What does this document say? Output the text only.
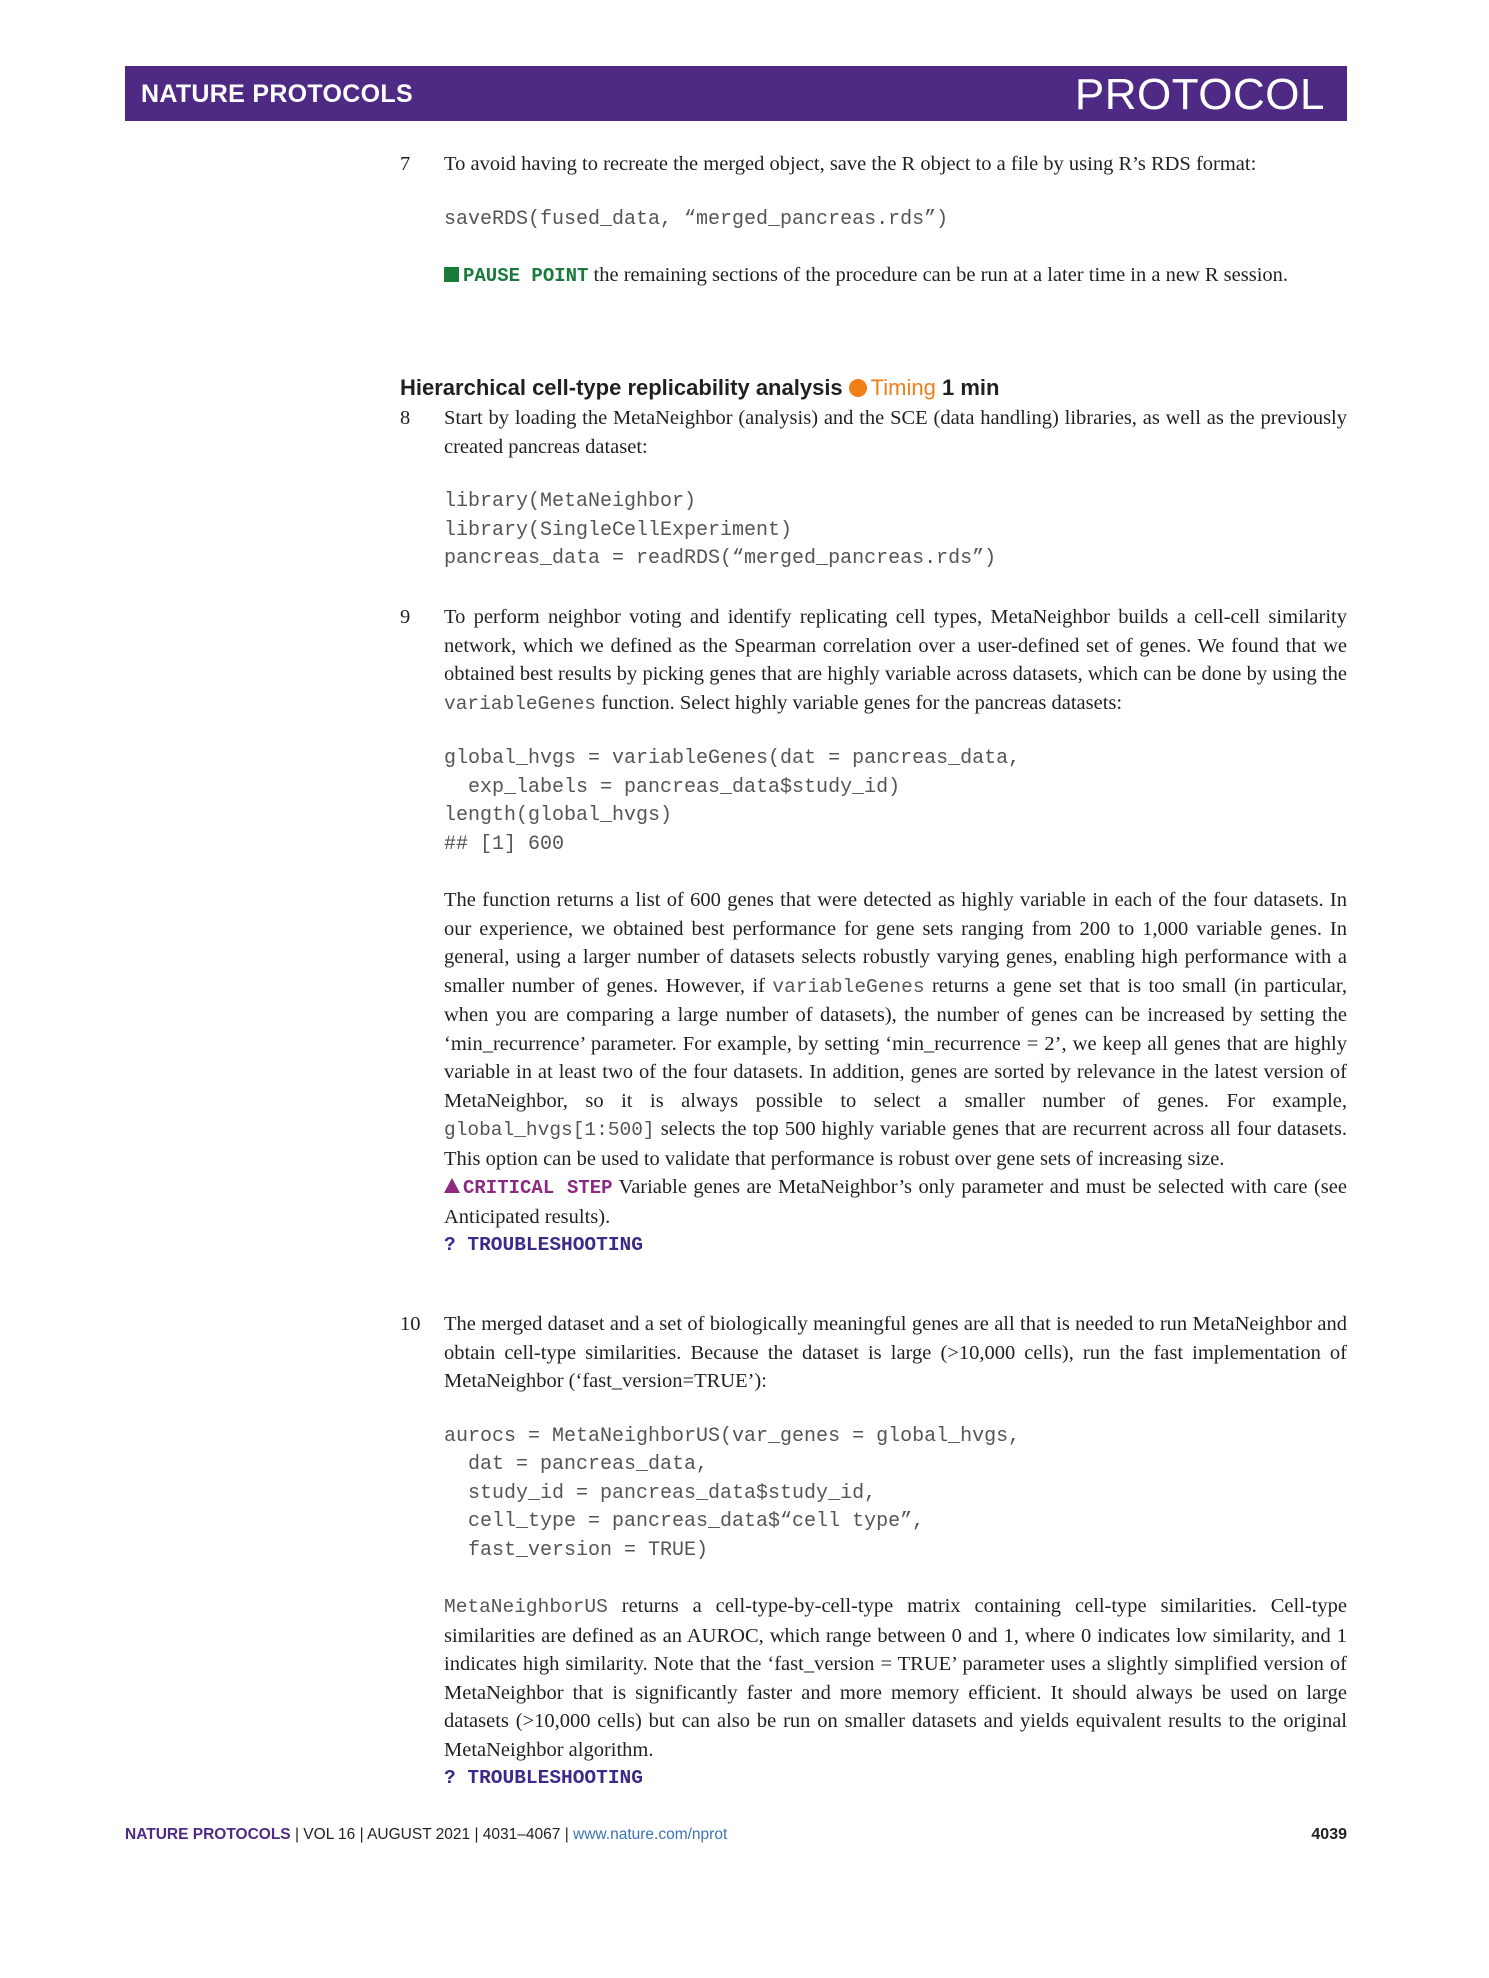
NATURE PROTOCOLS	PROTOCOL
7 To avoid having to recreate the merged object, save the R object to a file by using R’s RDS format:

saveRDS(fused_data, “merged_pancreas.rds”)

PAUSE POINT the remaining sections of the procedure can be run at a later time in a new R session.

Hierarchical cell-type replicability analysis Timing 1 min
8 Start by loading the MetaNeighbor (analysis) and the SCE (data handling) libraries, as well as the previously created pancreas dataset:

library(MetaNeighbor)
library(SingleCellExperiment)
pancreas_data = readRDS(“merged_pancreas.rds”)
9 To perform neighbor voting and identify replicating cell types, MetaNeighbor builds a cell-cell similarity network, which we defined as the Spearman correlation over a user-defined set of genes. We found that we obtained best results by picking genes that are highly variable across datasets, which can be done by using the variableGenes function. Select highly variable genes for the pancreas datasets:

global_hvgs = variableGenes(dat = pancreas_data,
exp_labels = pancreas_data$study_id)
length(global_hvgs)
## [1] 600

The function returns a list of 600 genes that were detected as highly variable in each of the four datasets. In our experience, we obtained best performance for gene sets ranging from 200 to 1,000 variable genes. In general, using a larger number of datasets selects robustly varying genes, enabling high performance with a smaller number of genes. However, if variableGenes returns a gene set that is too small (in particular, when you are comparing a large number of datasets), the number of genes can be increased by setting the ‘min_recurrence’ parameter. For example, by setting ‘min_recurrence = 2’, we keep all genes that are highly variable in at least two of the four datasets. In addition, genes are sorted by relevance in the latest version of MetaNeighbor, so it is always possible to select a smaller number of genes. For example, global_hvgs[1:500] selects the top 500 highly variable genes that are recurrent across all four datasets. This option can be used to validate that performance is robust over gene sets of increasing size.

CRITICAL STEP Variable genes are MetaNeighbor’s only parameter and must be selected with care (see Anticipated results).

? TROUBLESHOOTING
10 The merged dataset and a set of biologically meaningful genes are all that is needed to run MetaNeighbor and obtain cell-type similarities. Because the dataset is large (>10,000 cells), run the fast implementation of MetaNeighbor (‘fast_version=TRUE’):

aurocs = MetaNeighborUS(var_genes = global_hvgs,
dat = pancreas_data,
study_id = pancreas_data$study_id,
cell_type = pancreas_data$“cell type”,
fast_version = TRUE)

MetaNeighborUS returns a cell-type-by-cell-type matrix containing cell-type similarities. Cell-type similarities are defined as an AUROC, which range between 0 and 1, where 0 indicates low similarity, and 1 indicates high similarity. Note that the ‘fast_version = TRUE’ parameter uses a slightly simplified version of MetaNeighbor that is significantly faster and more memory efficient. It should always be used on large datasets (>10,000 cells) but can also be run on smaller datasets and yields equivalent results to the original MetaNeighbor algorithm.

? TROUBLESHOOTING
NATURE PROTOCOLS | VOL 16 | AUGUST 2021 | 4031–4067 | www.nature.com/nprot	4039
